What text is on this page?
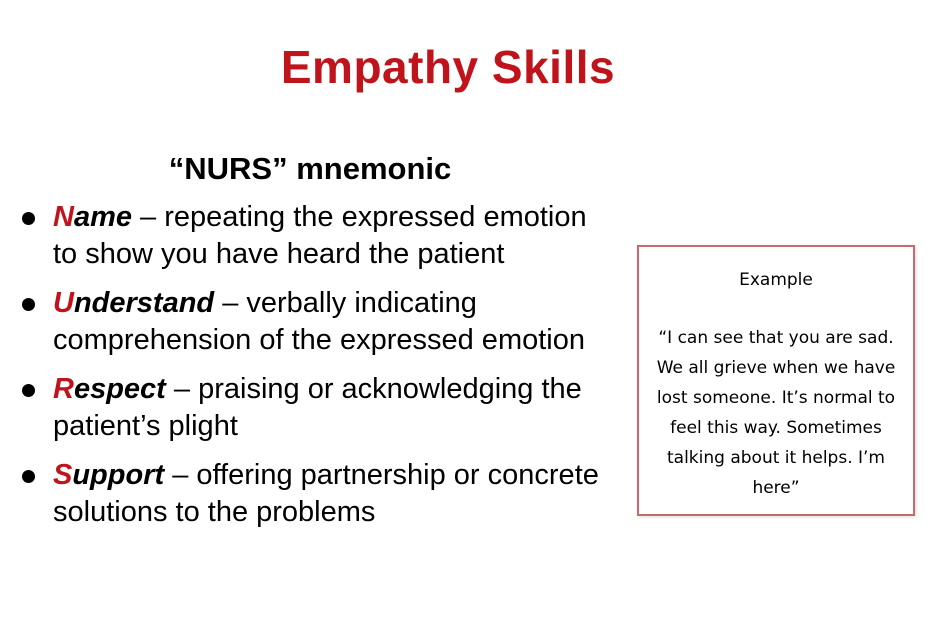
Empathy Skills
“NURS” mnemonic
Name – repeating the expressed emotion to show you have heard the patient
Understand – verbally indicating comprehension of the expressed emotion
Respect – praising or acknowledging the patient’s plight
Support – offering partnership or concrete solutions to the problems
Example
“I can see that you are sad. We all grieve when we have lost someone. It’s normal to feel this way. Sometimes talking about it helps. I’m here”
